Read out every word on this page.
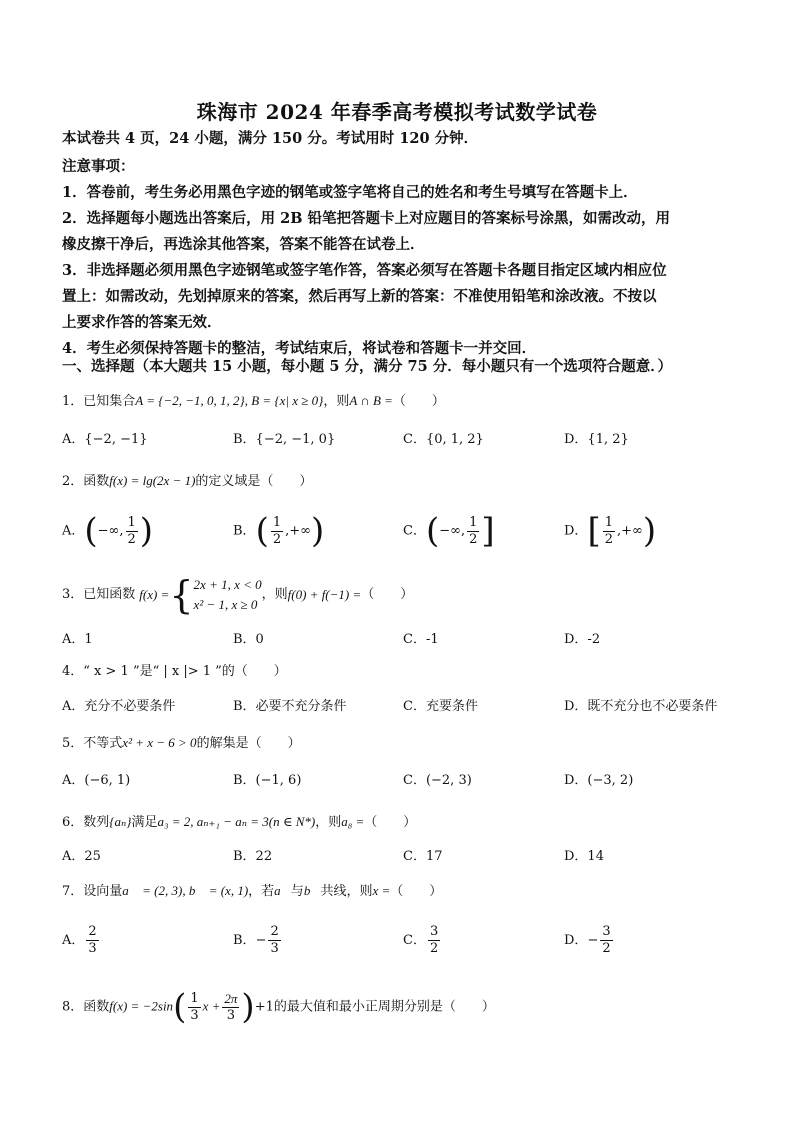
珠海市 2024 年春季高考模拟考试数学试卷
本试卷共 4 页，24 小题，满分 150 分。考试用时 120 分钟．
注意事项：
1．答卷前，考生务必用黑色字迹的钢笔或签字笔将自己的姓名和考生号填写在答题卡上．
2．选择题每小题选出答案后，用 2B 铅笔把答题卡上对应题目的答案标号涂黑，如需改动，用
橡皮擦干净后，再选涂其他答案，答案不能答在试卷上．
3．非选择题必须用黑色字迹钢笔或签字笔作答，答案必须写在答题卡各题目指定区域内相应位
置上：如需改动，先划掉原来的答案，然后再写上新的答案：不准使用铅笔和涂改液。不按以
上要求作答的答案无效．
4．考生必须保持答题卡的整洁，考试结束后，将试卷和答题卡一并交回．
一、选择题（本大题共 15 小题，每小题 5 分，满分 75 分．每小题只有一个选项符合题意．）
1．已知集合A = {−2, −1, 0, 1, 2}, B = {x| x ≥ 0}，则A ∩ B =（　　）
A．{−2, −1}	B．{−2, −1, 0}	C．{0, 1, 2}	D．{1, 2}
2．函数f(x) = lg(2x − 1)的定义域是（　　）
A．(−∞, $\frac{1}{2}$ )	B．( $\frac{1}{2}$ ,+∞)	C．(−∞, $\frac{1}{2}$ ]	D．[ $\frac{1}{2}$ ,+∞)
3． 已知函数 f(x) = { 2x + 1, x < 0
x² − 1, x ≥ 0
，则 f(0) + f(−1) = （　　）
A．1	B．0	C．-1	D．-2
4．“ x > 1 ”是“ | x |> 1 ”的（　　）
A．充分不必要条件	B．必要不充分条件	C．充要条件	D．既不充分也不必要条件
5．不等式x² + x − 6 > 0的解集是（　　）
A．(−6, 1)	B．(−1, 6)	C．(−2, 3)	D．(−3, 2)
6．数列{aₙ}满足a₃ = 2, aₙ₊₁ − aₙ = 3(n ∈ N*)，则a₈ =（　　）
A．25	B．22	C．17	D．14
7．设向量a⃗ = (2, 3), b⃗ = (x, 1)，若a⃗与b⃗共线，则x =（　　）
A． $\frac{2}{3}$	B．− $\frac{2}{3}$	C． $\frac{3}{2}$	D．− $\frac{3}{2}$
8．函数$f(x) = -2\sin( \frac{1}{3}$ $x + \frac{2\pi}{3} )+1$的最大值和最小正周期分别是（　　）
